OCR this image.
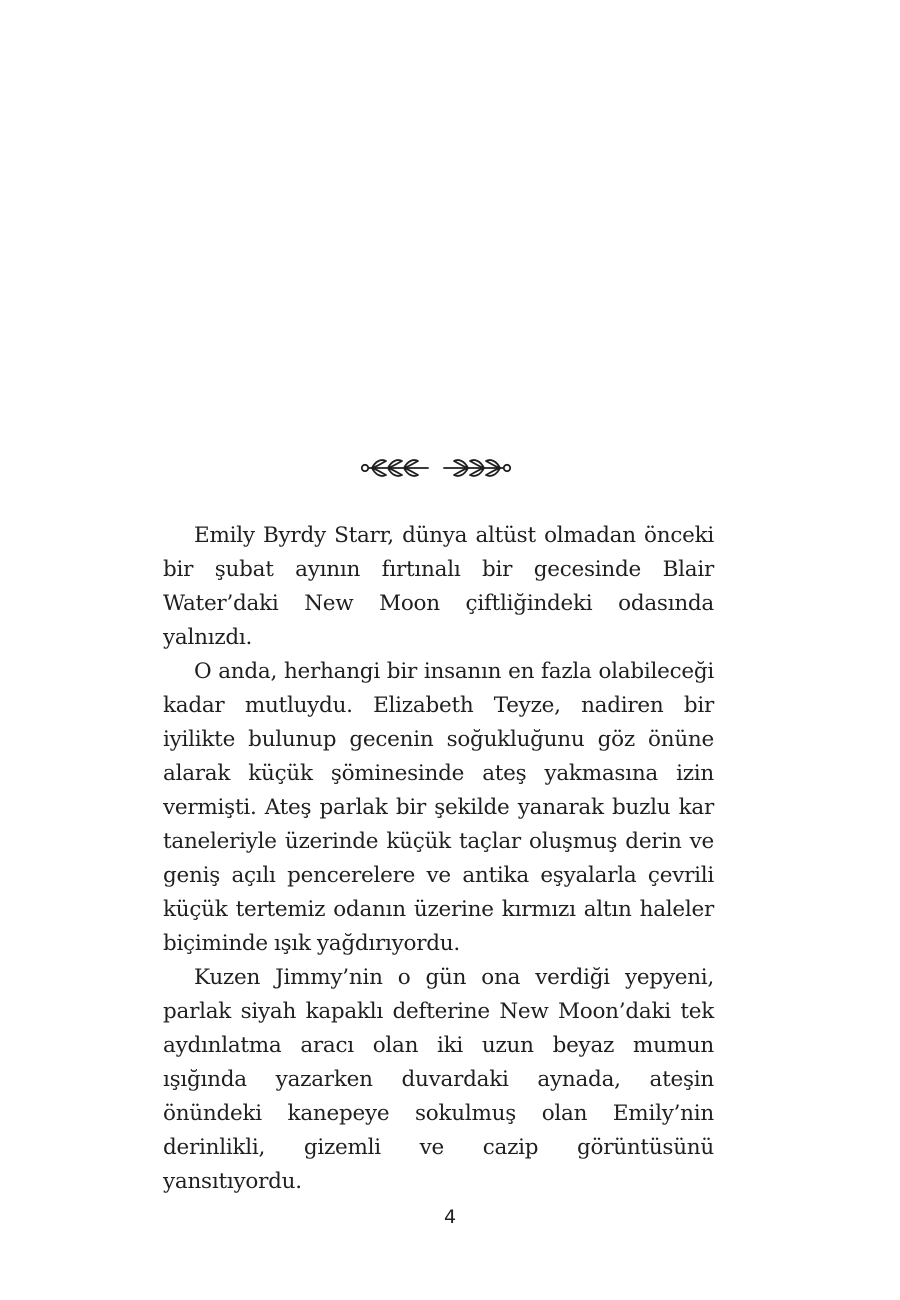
Emily Byrdy Starr, dünya altüst olmadan önceki bir şubat ayının fırtınalı bir gecesinde Blair Water’daki New Moon çiftliğindeki odasında yalnızdı.

O anda, herhangi bir insanın en fazla olabileceği kadar mutluydu. Elizabeth Teyze, nadiren bir iyilikte bulunup gecenin soğukluğunu göz önüne alarak küçük şöminesinde ateş yakmasına izin vermişti. Ateş parlak bir şekilde yanarak buzlu kar taneleriyle üzerinde küçük taçlar oluşmuş derin ve geniş açılı pencerelere ve antika eşyalarla çevrili küçük tertemiz odanın üzerine kırmızı altın haleler biçiminde ışık yağdırıyordu.

Kuzen Jimmy’nin o gün ona verdiği yepyeni, parlak siyah kapaklı defterine New Moon’daki tek aydınlatma aracı olan iki uzun beyaz mumun ışığında yazarken duvardaki aynada, ateşin önündeki kanepeye sokulmuş olan Emily’nin derinlikli, gizemli ve cazip görüntüsünü yansıtıyordu.

4
